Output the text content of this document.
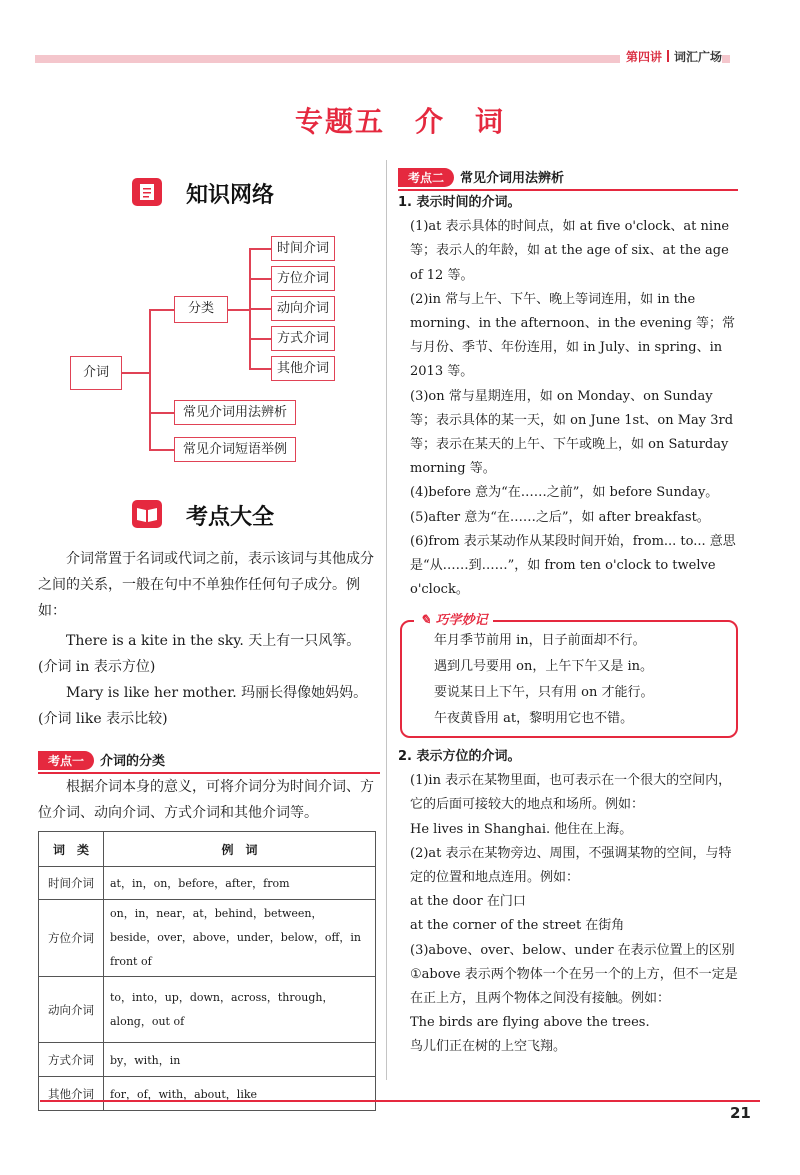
第四讲 词汇广场
专题五　介　词
知识网络
介词
分类
时间介词
方位介词
动向介词
方式介词
其他介词
常见介词用法辨析
常见介词短语举例
考点大全
介词常置于名词或代词之前，表示该词与其他成分之间的关系，一般在句中不单独作任何句子成分。例如：
There is a kite in the sky. 天上有一只风筝。
(介词 in 表示方位)
Mary is like her mother. 玛丽长得像她妈妈。
(介词 like 表示比较)
考点一 介词的分类
根据介词本身的意义，可将介词分为时间介词、方位介词、动向介词、方式介词和其他介词等。
词　类	例　词
时间介词	at，in，on，before，after，from
方位介词	on，in，near，at，behind，between，beside，over，above，under，below，off，in front of
动向介词	to，into，up，down，across，through，along，out of
方式介词	by，with，in
其他介词	for，of，with，about，like
考点二 常见介词用法辨析
1. 表示时间的介词。
(1)at 表示具体的时间点，如 at five o'clock、at nine 等；表示人的年龄，如 at the age of six、at the age of 12 等。
(2)in 常与上午、下午、晚上等词连用，如 in the morning、in the afternoon、in the evening 等；常与月份、季节、年份连用，如 in July、in spring、in 2013 等。
(3)on 常与星期连用，如 on Monday、on Sunday 等；表示具体的某一天，如 on June 1st、on May 3rd 等；表示在某天的上午、下午或晚上，如 on Saturday morning 等。
(4)before 意为“在……之前”，如 before Sunday。
(5)after 意为“在……之后”，如 after breakfast。
(6)from 表示某动作从某段时间开始，from... to... 意思是“从……到……”，如 from ten o'clock to twelve o'clock。
年月季节前用 in，日子前面却不行。
遇到几号要用 on，上午下午又是 in。
要说某日上下午，只有用 on 才能行。
午夜黄昏用 at，黎明用它也不错。
✎ 巧学妙记
2. 表示方位的介词。
(1)in 表示在某物里面，也可表示在一个很大的空间内，它的后面可接较大的地点和场所。例如：
He lives in Shanghai. 他住在上海。
(2)at 表示在某物旁边、周围，不强调某物的空间，与特定的位置和地点连用。例如：
at the door 在门口
at the corner of the street 在街角
(3)above、over、below、under 在表示位置上的区别
①above 表示两个物体一个在另一个的上方，但不一定是在正上方，且两个物体之间没有接触。例如：
The birds are flying above the trees.
鸟儿们正在树的上空飞翔。
21
